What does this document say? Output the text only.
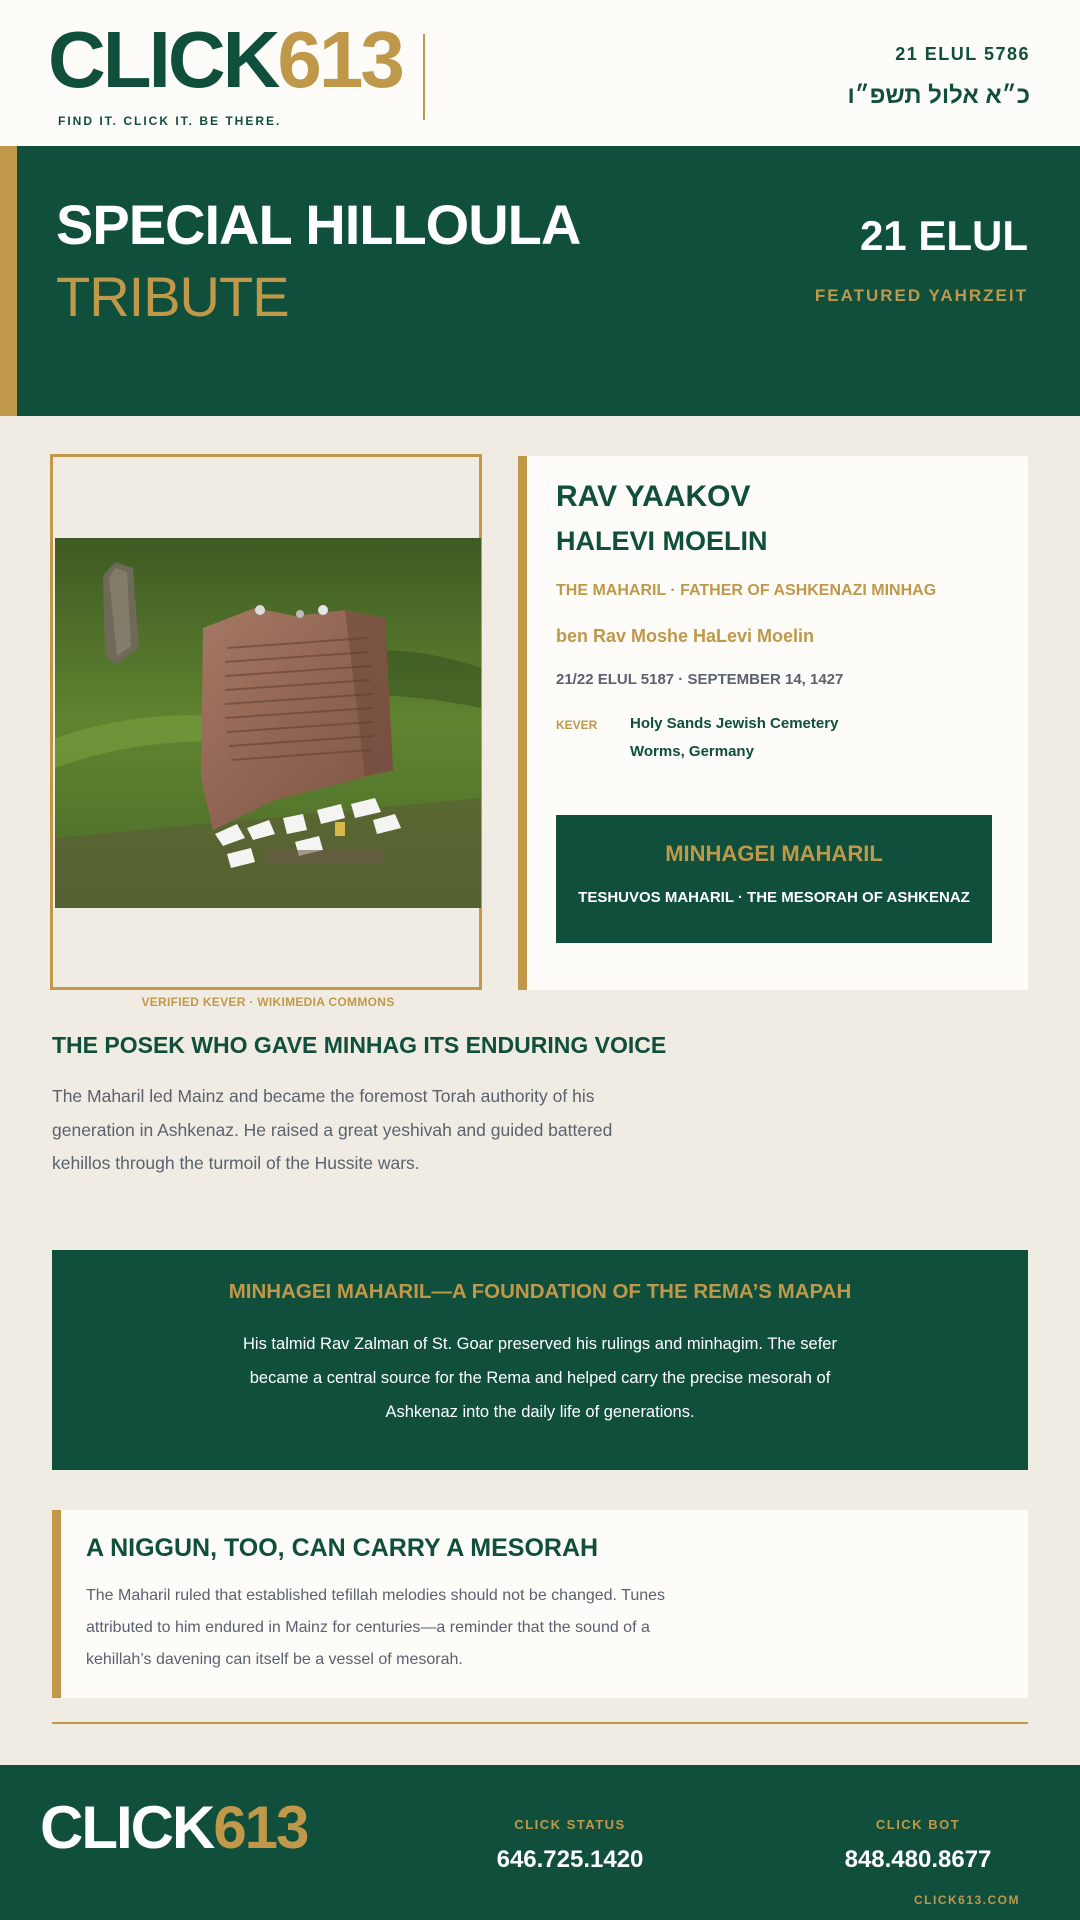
CLICK613
FIND IT. CLICK IT. BE THERE.
21 ELUL 5786
כ״א אלול תשפ״ו
SPECIAL HILLOULA
TRIBUTE
21 ELUL
FEATURED YAHRZEIT
VERIFIED KEVER · WIKIMEDIA COMMONS
RAV YAAKOV
HALEVI MOELIN
THE MAHARIL · FATHER OF ASHKENAZI MINHAG
ben Rav Moshe HaLevi Moelin
21/22 ELUL 5187 · SEPTEMBER 14, 1427
KEVER Holy Sands Jewish Cemetery
Worms, Germany
MINHAGEI MAHARIL
TESHUVOS MAHARIL · THE MESORAH OF ASHKENAZ
THE POSEK WHO GAVE MINHAG ITS ENDURING VOICE
The Maharil led Mainz and became the foremost Torah authority of his generation in Ashkenaz. He raised a great yeshivah and guided battered kehillos through the turmoil of the Hussite wars.
MINHAGEI MAHARIL—A FOUNDATION OF THE REMA’S MAPAH
His talmid Rav Zalman of St. Goar preserved his rulings and minhagim. The sefer became a central source for the Rema and helped carry the precise mesorah of Ashkenaz into the daily life of generations.
A NIGGUN, TOO, CAN CARRY A MESORAH
The Maharil ruled that established tefillah melodies should not be changed. Tunes attributed to him endured in Mainz for centuries—a reminder that the sound of a kehillah’s davening can itself be a vessel of mesorah.
CLICK613	CLICK STATUS
646.725.1420
CLICK BOT
848.480.8677
CLICK613.COM
